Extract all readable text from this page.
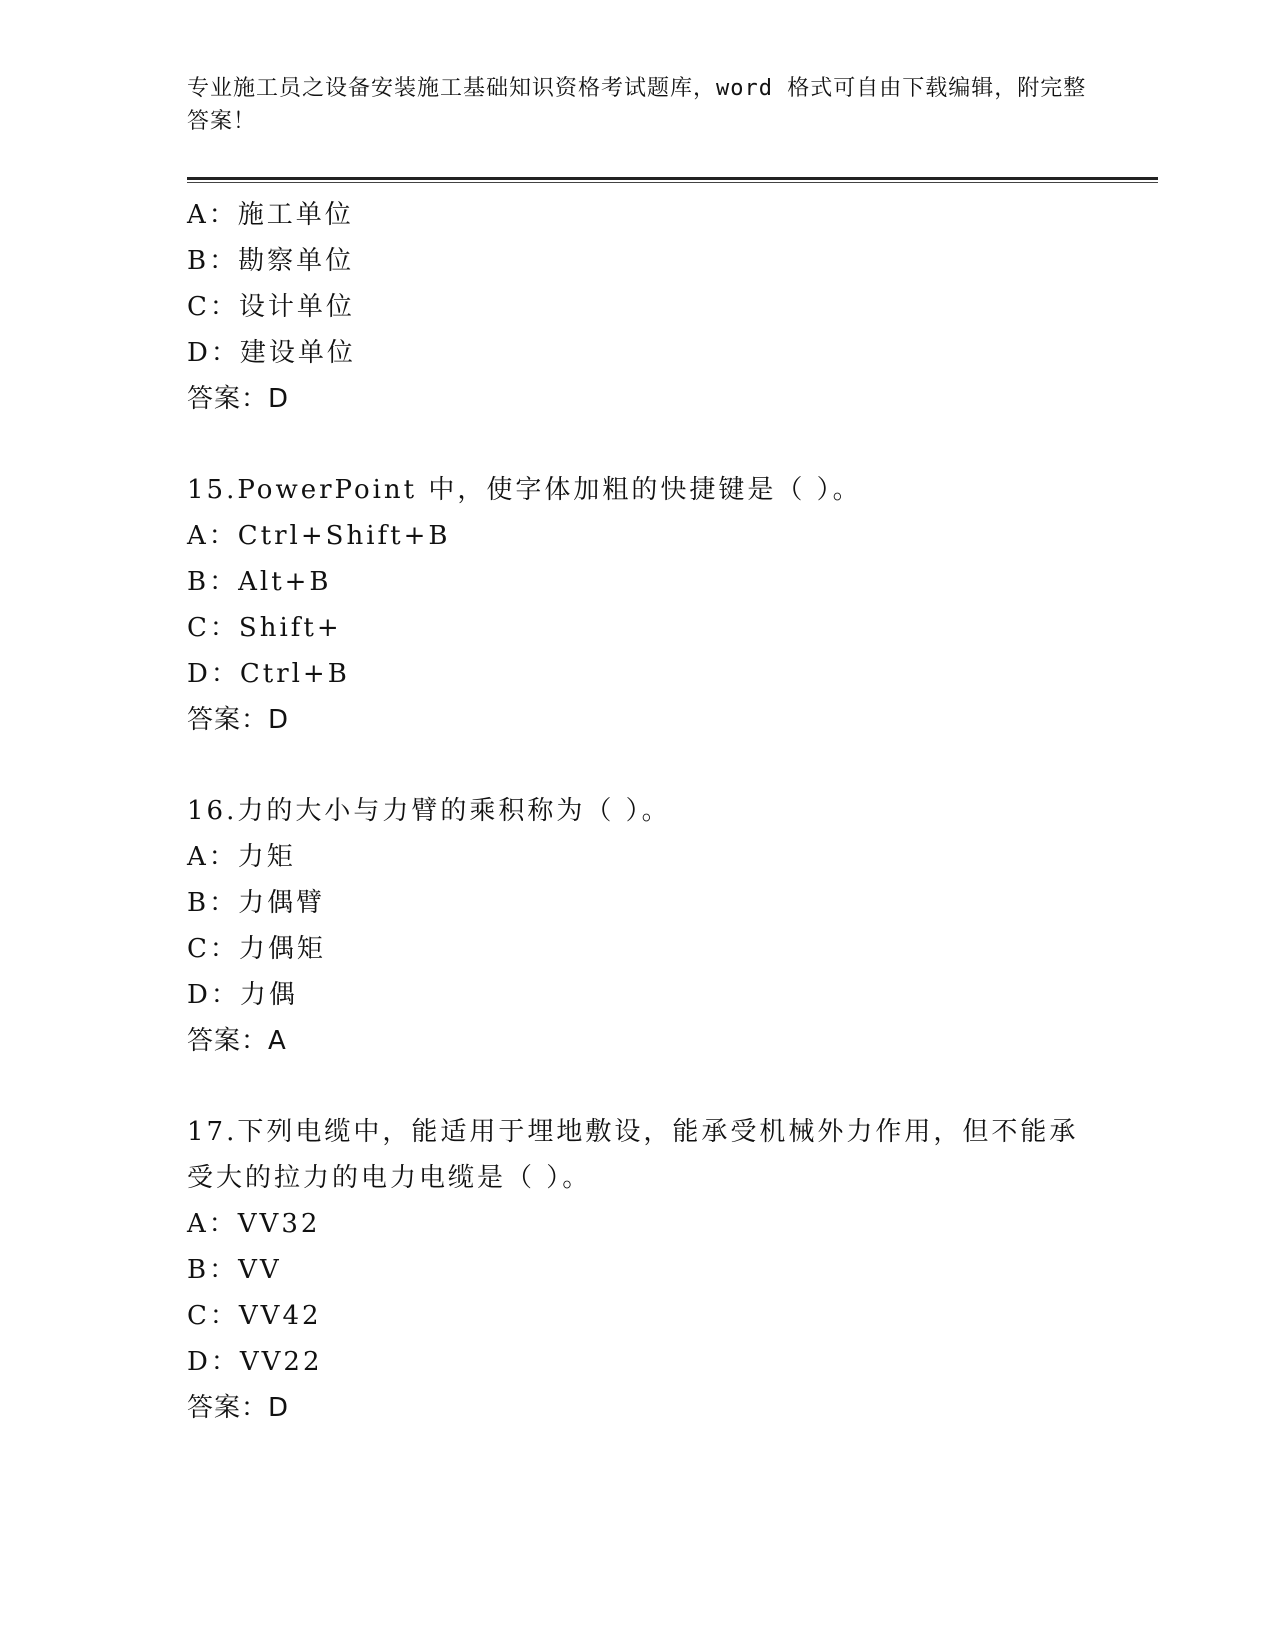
专业施工员之设备安装施工基础知识资格考试题库，word 格式可自由下载编辑，附完整答案！
A：施工单位
B：勘察单位
C：设计单位
D：建设单位
答案：D
15.PowerPoint 中，使字体加粗的快捷键是（ ）。
A：Ctrl+Shift+B
B：Alt+B
C：Shift+
D：Ctrl+B
答案：D
16.力的大小与力臂的乘积称为（ ）。
A：力矩
B：力偶臂
C：力偶矩
D：力偶
答案：A
17.下列电缆中，能适用于埋地敷设，能承受机械外力作用，但不能承受大的拉力的电力电缆是（ ）。
A：VV32
B：VV
C：VV42
D：VV22
答案：D
